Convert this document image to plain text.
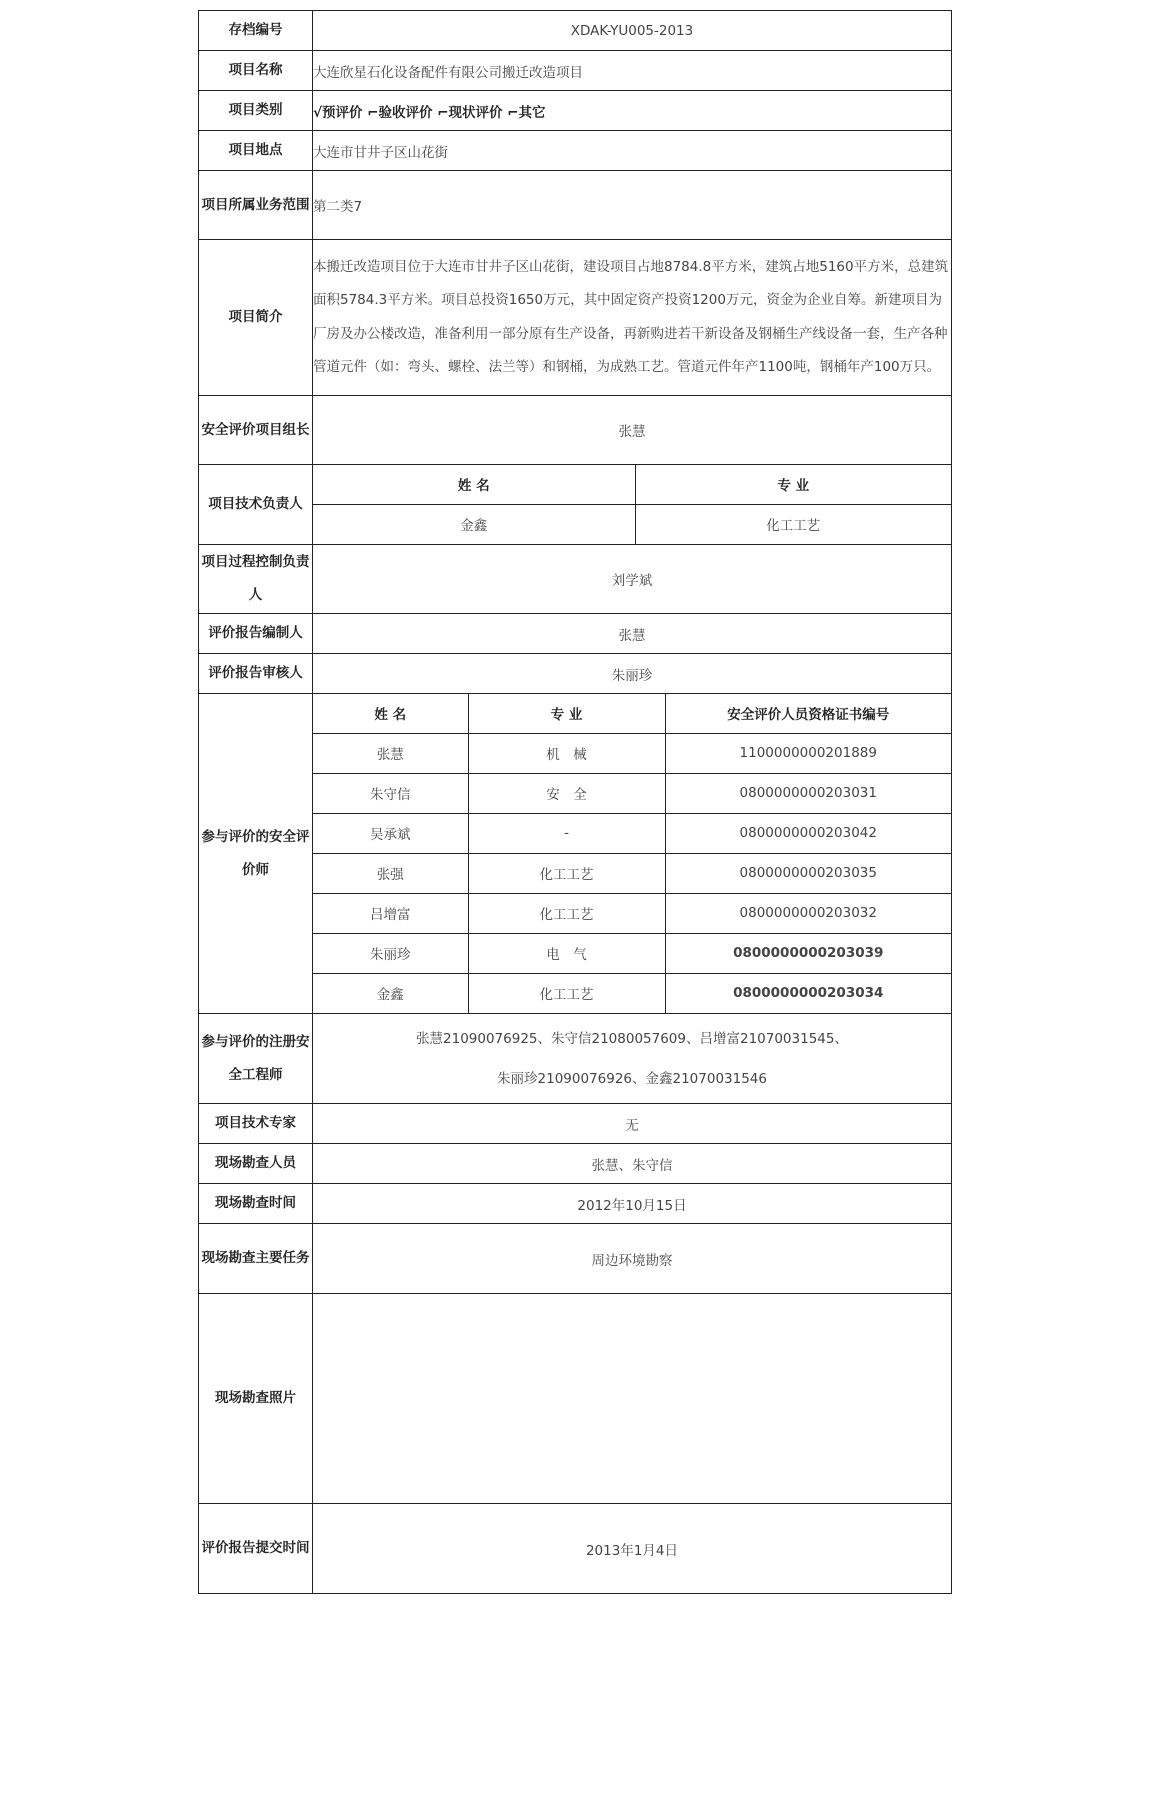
存档编号	XDAK-YU005-2013
项目名称	大连欣星石化设备配件有限公司搬迁改造项目
项目类别	√预评价 ⌐验收评价 ⌐现状评价 ⌐其它
项目地点	大连市甘井子区山花街
项目所属业务范围	第二类7
项目简介	本搬迁改造项目位于大连市甘井子区山花街，建设项目占地8784.8平方米，建筑占地5160平方米，总建筑面积5784.3平方米。项目总投资1650万元，其中固定资产投资1200万元，资金为企业自筹。新建项目为厂房及办公楼改造，准备利用一部分原有生产设备，再新购进若干新设备及钢桶生产线设备一套，生产各种管道元件（如：弯头、螺栓、法兰等）和钢桶，为成熟工艺。管道元件年产1100吨，钢桶年产100万只。
安全评价项目组长	张慧
项目技术负责人	
姓 名	专 业
金鑫	化工工艺

项目过程控制负责人	刘学斌
评价报告编制人	张慧
评价报告审核人	朱丽珍
参与评价的安全评价师	
姓 名	专 业	安全评价人员资格证书编号
张慧	机　械	1100000000201889
朱守信	安　全	0800000000203031
吴承斌	-	0800000000203042
张强	化工工艺	0800000000203035
吕增富	化工工艺	0800000000203032
朱丽珍	电　气	0800000000203039
金鑫	化工工艺	0800000000203034

参与评价的注册安全工程师	
张慧21090076925、朱守信21080057609、吕增富21070031545、
朱丽珍21090076926、金鑫21070031546

项目技术专家	无
现场勘查人员	张慧、朱守信
现场勘查时间	2012年10月15日
现场勘查主要任务	周边环境勘察
现场勘查照片	
评价报告提交时间	2013年1月4日
